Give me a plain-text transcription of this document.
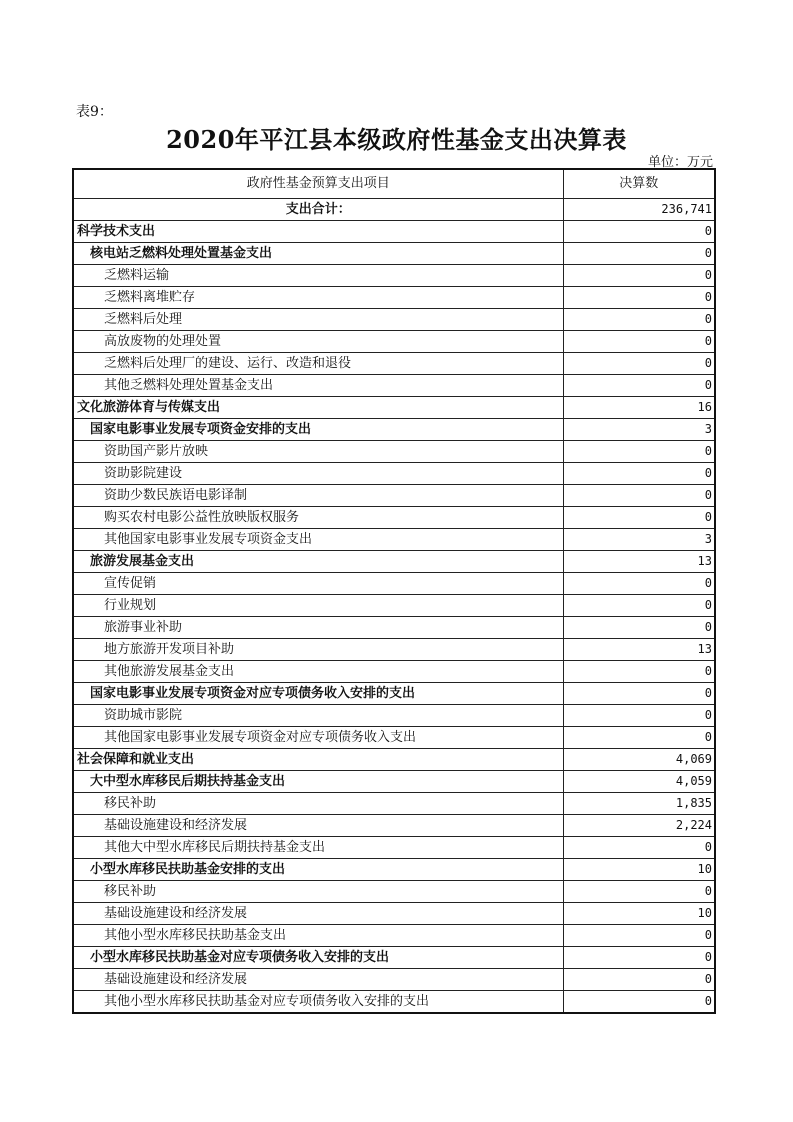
表9：
2020年平江县本级政府性基金支出决算表
单位：万元
政府性基金预算支出项目	决算数
支出合计：	236,741
科学技术支出	0
核电站乏燃料处理处置基金支出	0
乏燃料运输	0
乏燃料离堆贮存	0
乏燃料后处理	0
高放废物的处理处置	0
乏燃料后处理厂的建设、运行、改造和退役	0
其他乏燃料处理处置基金支出	0
文化旅游体育与传媒支出	16
国家电影事业发展专项资金安排的支出	3
资助国产影片放映	0
资助影院建设	0
资助少数民族语电影译制	0
购买农村电影公益性放映版权服务	0
其他国家电影事业发展专项资金支出	3
旅游发展基金支出	13
宣传促销	0
行业规划	0
旅游事业补助	0
地方旅游开发项目补助	13
其他旅游发展基金支出	0
国家电影事业发展专项资金对应专项债务收入安排的支出	0
资助城市影院	0
其他国家电影事业发展专项资金对应专项债务收入支出	0
社会保障和就业支出	4,069
大中型水库移民后期扶持基金支出	4,059
移民补助	1,835
基础设施建设和经济发展	2,224
其他大中型水库移民后期扶持基金支出	0
小型水库移民扶助基金安排的支出	10
移民补助	0
基础设施建设和经济发展	10
其他小型水库移民扶助基金支出	0
小型水库移民扶助基金对应专项债务收入安排的支出	0
基础设施建设和经济发展	0
其他小型水库移民扶助基金对应专项债务收入安排的支出	0
